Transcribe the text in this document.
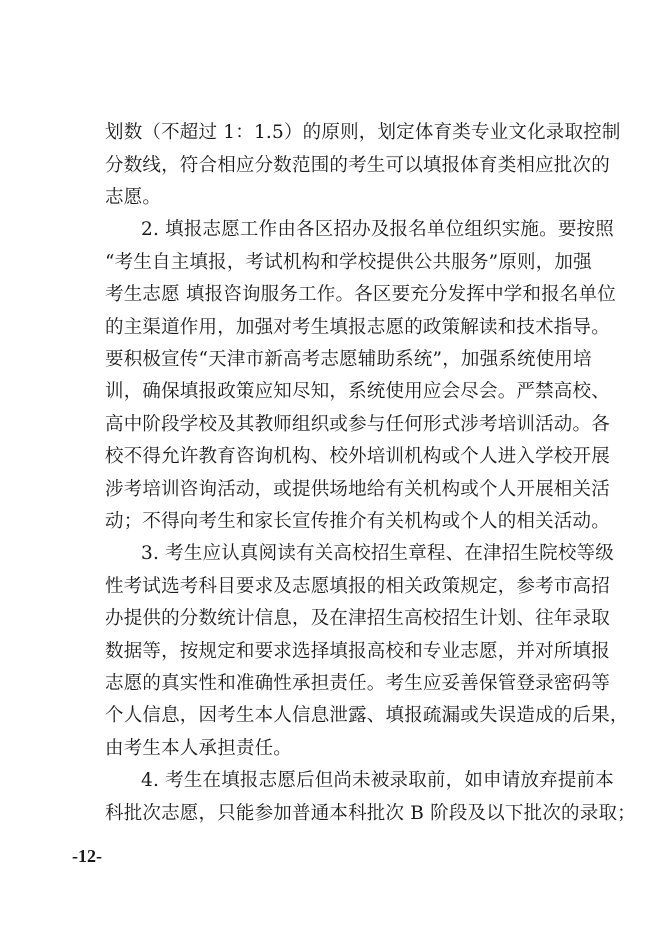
划数（不超过 1：1.5）的原则，划定体育类专业文化录取控制
分数线，符合相应分数范围的考生可以填报体育类相应批次的
志愿。
2. 填报志愿工作由各区招办及报名单位组织实施。要按照
“考生自主填报，考试机构和学校提供公共服务”原则，加强
考生志愿 填报咨询服务工作。各区要充分发挥中学和报名单位
的主渠道作用，加强对考生填报志愿的政策解读和技术指导。
要积极宣传“天津市新高考志愿辅助系统”，加强系统使用培
训，确保填报政策应知尽知，系统使用应会尽会。严禁高校、
高中阶段学校及其教师组织或参与任何形式涉考培训活动。各
校不得允许教育咨询机构、校外培训机构或个人进入学校开展
涉考培训咨询活动，或提供场地给有关机构或个人开展相关活
动；不得向考生和家长宣传推介有关机构或个人的相关活动。
3. 考生应认真阅读有关高校招生章程、在津招生院校等级
性考试选考科目要求及志愿填报的相关政策规定，参考市高招
办提供的分数统计信息，及在津招生高校招生计划、往年录取
数据等，按规定和要求选择填报高校和专业志愿，并对所填报
志愿的真实性和准确性承担责任。考生应妥善保管登录密码等
个人信息，因考生本人信息泄露、填报疏漏或失误造成的后果，
由考生本人承担责任。
4. 考生在填报志愿后但尚未被录取前，如申请放弃提前本
科批次志愿，只能参加普通本科批次 B 阶段及以下批次的录取；
-12-
